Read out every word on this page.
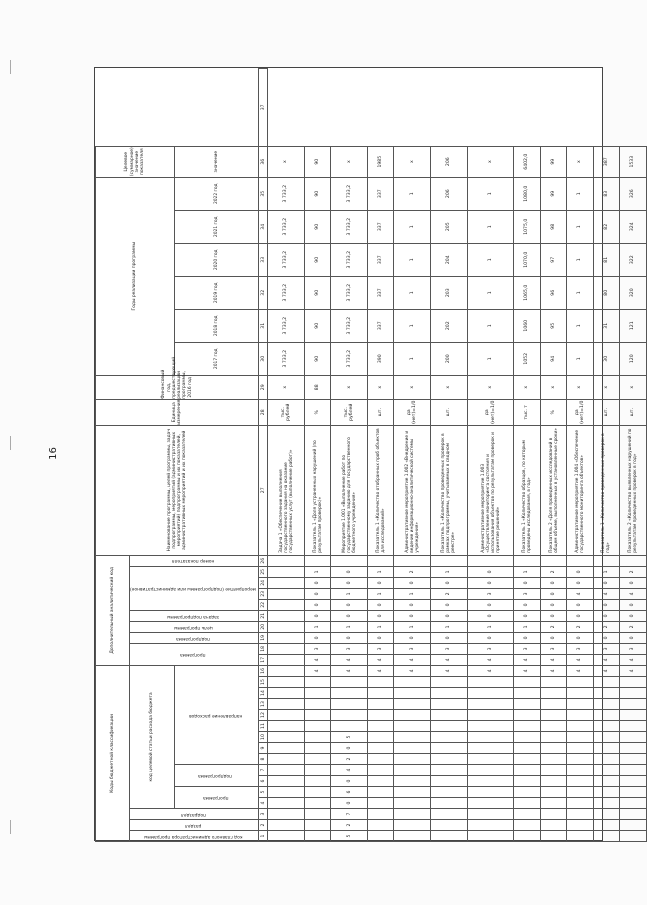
16
Коды бюджетной классификации																Дополнительный аналитический код										Наименование программы, целей программы, задач подпрограммы, мероприятий (административных мероприятий) подпрограммы и их показателей, административных мероприятий и их показателей	Единица измерения	Финансовый год, предшествующий реализации программы, 2016 год	Годы реализации программы						Целевое (суммарное) значение показателя	
код главного администратора программы	раздел	подраздел	код целевой статьи расхода бюджета													программа		подпрограмма	цель программы	задача подпрограммы	мероприятие (подпрограммы или административное)				номер показателя											
			программа		подпрограмма		направление расходов																						2017 год	2018 год	2019 год	2020 год	2021 год	2022 год	значение	
1	2	3	4	5	6	7	8	9	10	11	12	13	14	15	16	17	18	19	20	21	22	23	24	25	26	27	28	29	30	31	32	33	34	35	36	37
																										Задача 1 «Обеспечение выполнения государственного задания на оказание государственных услуг (выполнение работ)»	тыс. рублей	х	3 733,2	3 733,2	3 733,2	3 733,2	3 733,2	3 733,2	х	
															4	4	3	0	1	0	0	0	0	1		Показатель 1 «Доля устраненных нарушений (по результатам проверок)»	%	88	90	90	90	90	90	90	90	
5	2	7	0	6	0	4	2	0	5						4	4	3	0	1	0	0	1	0	0		Мероприятие 1.001 «Выполнение работ по государственному заданию для государственного бюджетного учреждения»	тыс. рублей	х	3 733,2	3 733,2	3 733,2	3 733,2	3 733,2	3 733,2	х	
															4	4	3	0	1	0	0	1	0	1		Показатель 1 «Количество отобранных проб объектов для исследований»	шт.	х	390	337	337	337	337	337	1985	
															4	4	3	0	1	0	0	1	0	2		Административное мероприятие 1.002 «Внедрение и ведение информационно-аналитической системы учреждения»	да (нет)=1/0	х	1	1	1	1	1	1	х	
															4	4	3	0	1	0	0	2	0	1		Показатель 1 «Количество проведенных проверок в рамках подпрограммы, учитываемых в сводном реестре»	шт.	х	200	202	203	204	205	206	206	
															4	4	3	0	1	0	0	3	0	0		Административное мероприятие 1.003 «Осуществление мониторинга состояния и использования объектов по результатам проверок и принятие решений»	да (нет)=1/0	х	1	1	1	1	1	1	х	
															4	4	3	0	1	0	0	3	0	1		Показатель 1 «Количество образцов, по которым проведены исследования, в год»	тыс. т	х	1052	1060	1065,0	1070,0	1075,0	1080,0	6402,0	
															4	4	3	0	2	0	0	0	0	2		Показатель 2 «Доля проведенных исследований в общем объеме, выполненных в установленные сроки»	%	х	94	95	96	97	98	99	99	
															4	4	3	0	2	0	0	4	0	0		Административное мероприятие 1.004 «Обеспечение государственного мониторинга объектов»	да (нет)=1/0	х	1	1	1	1	1	1	х	
															4	4	3	0	2	0	0	4	0	1		Показатель 1 «Количество проведенных проверок в год»	шт.	х	30	31	80	81	82	83	387	
															4	4	3	0	2	0	0	4	0	2		Показатель 2 «Количество выявленных нарушений по результатам проведенных проверок в год»	шт.	х	120	121	320	322	324	326	1533	
